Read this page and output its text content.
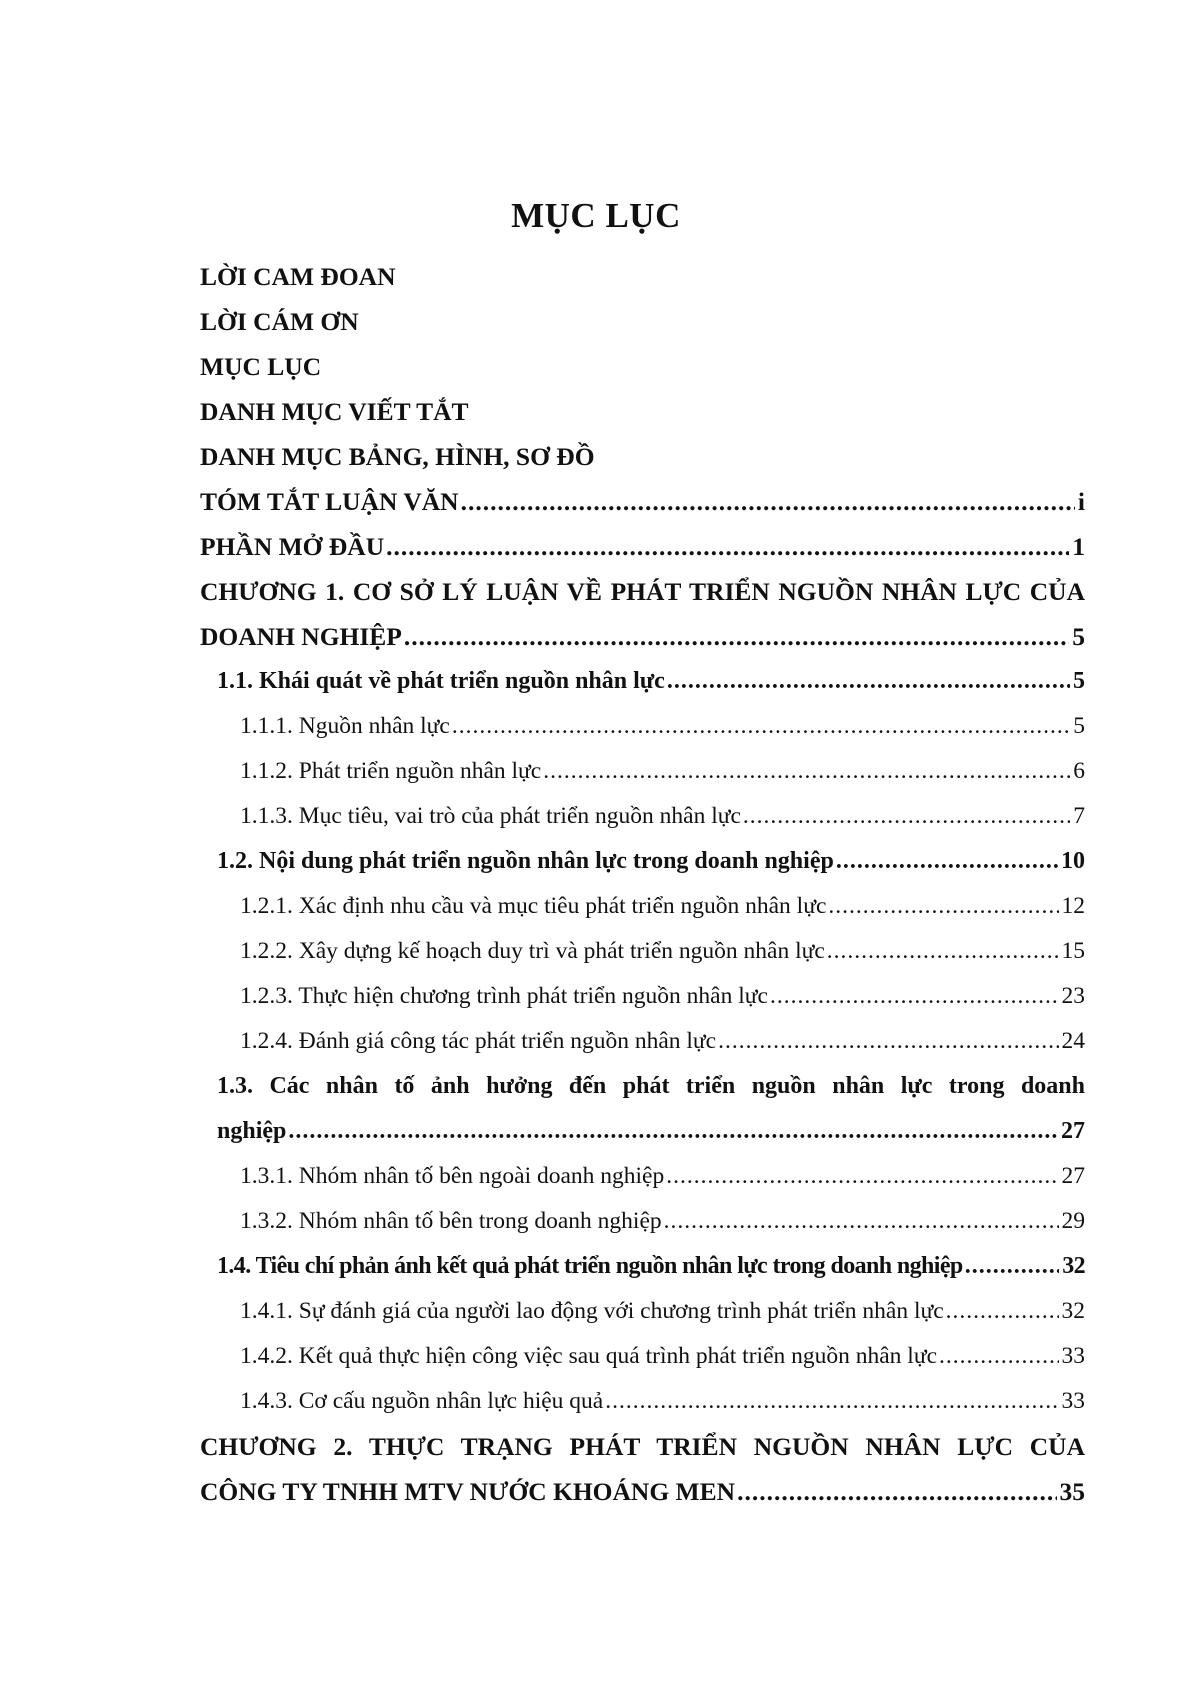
MỤC LỤC
LỜI CAM ĐOAN
LỜI CÁM ƠN
MỤC LỤC
DANH MỤC VIẾT TẮT
DANH MỤC BẢNG, HÌNH, SƠ ĐỒ
TÓM TẮT LUẬN VĂN .....	i
PHẦN MỞ ĐẦU .....	1
CHƯƠNG 1. CƠ SỞ LÝ LUẬN VỀ PHÁT TRIỂN NGUỒN NHÂN LỰC CỦA
DOANH NGHIỆP .....	5
1.1. Khái quát về phát triển nguồn nhân lực .....	5
1.1.1. Nguồn nhân lực .....	5
1.1.2. Phát triển nguồn nhân lực .....	6
1.1.3. Mục tiêu, vai trò của phát triển nguồn nhân lực .....	7
1.2. Nội dung phát triển nguồn nhân lực trong doanh nghiệp .....	10
1.2.1. Xác định nhu cầu và mục tiêu phát triển nguồn nhân lực .....	12
1.2.2. Xây dựng kế hoạch duy trì và phát triển nguồn nhân lực .....	15
1.2.3. Thực hiện chương trình phát triển nguồn nhân lực .....	23
1.2.4. Đánh giá công tác phát triển nguồn nhân lực .....	24
1.3. Các nhân tố ảnh hưởng đến phát triển nguồn nhân lực trong doanh
nghiệp .....	27
1.3.1. Nhóm nhân tố bên ngoài doanh nghiệp .....	27
1.3.2. Nhóm nhân tố bên trong doanh nghiệp .....	29
1.4. Tiêu chí phản ánh kết quả phát triển nguồn nhân lực trong doanh nghiệp .....	32
1.4.1. Sự đánh giá của người lao động với chương trình phát triển nhân lực .....	32
1.4.2. Kết quả thực hiện công việc sau quá trình phát triển nguồn nhân lực .....	33
1.4.3. Cơ cấu nguồn nhân lực hiệu quả .....	33
CHƯƠNG 2. THỰC TRẠNG PHÁT TRIỂN NGUỒN NHÂN LỰC CỦA
CÔNG TY TNHH MTV NƯỚC KHOÁNG MEN .....	35
